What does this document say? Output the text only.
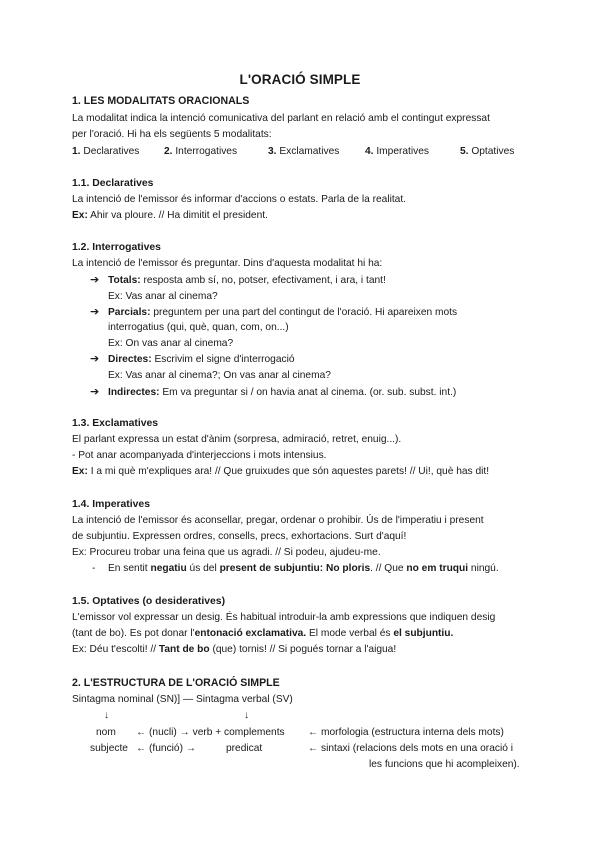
L'ORACIÓ SIMPLE
1. LES MODALITATS ORACIONALS
La modalitat indica la intenció comunicativa del parlant en relació amb el contingut expressat
per l'oració. Hi ha els següents 5 modalitats:
1. Declaratives 2. Interrogatives	3. Exclamatives	4. Imperatives	5. Optatives
1.1. Declaratives
La intenció de l'emissor és informar d'accions o estats. Parla de la realitat.
Ex: Ahir va ploure. // Ha dimitit el president.
1.2. Interrogatives
La intenció de l'emissor és preguntar. Dins d'aquesta modalitat hi ha:
➔ Totals: resposta amb sí, no, potser, efectivament, i ara, i tant!
Ex: Vas anar al cinema?
➔ Parcials: preguntem per una part del contingut de l'oració. Hi apareixen mots
interrogatius (qui, què, quan, com, on...)
Ex: On vas anar al cinema?
➔ Directes: Escrivim el signe d'interrogació
Ex: Vas anar al cinema?; On vas anar al cinema?
➔ Indirectes: Em va preguntar si / on havia anat al cinema. (or. sub. subst. int.)
1.3. Exclamatives
El parlant expressa un estat d'ànim (sorpresa, admiració, retret, enuig...).
- Pot anar acompanyada d'interjeccions i mots intensius.
Ex: I a mi què m'expliques ara! // Que gruixudes que són aquestes parets! // Ui!, què has dit!
1.4. Imperatives
La intenció de l'emissor és aconsellar, pregar, ordenar o prohibir. Ús de l'imperatiu i present
de subjuntiu. Expressen ordres, consells, precs, exhortacions. Surt d'aquí!
Ex: Procureu trobar una feina que us agradi. // Si podeu, ajudeu-me.
- En sentit negatiu ús del present de subjuntiu: No ploris. // Que no em truqui ningú.
1.5. Optatives (o desideratives)
L'emissor vol expressar un desig. És habitual introduir-la amb expressions que indiquen desig
(tant de bo). Es pot donar l'entonació exclamativa. El mode verbal és el subjuntiu.
Ex: Déu t'escolti! // Tant de bo (que) tornis! // Si pogués tornar a l'aigua!
2. L'ESTRUCTURA DE L'ORACIÓ SIMPLE
Sintagma nominal (SN)] — Sintagma verbal (SV)
↓	↓
nom ← (nucli) → verb + complements ← morfologia (estructura interna dels mots)
subjecte ← (funció) →	predicat	← sintaxi (relacions dels mots en una oració i
les funcions que hi acompleixen).
